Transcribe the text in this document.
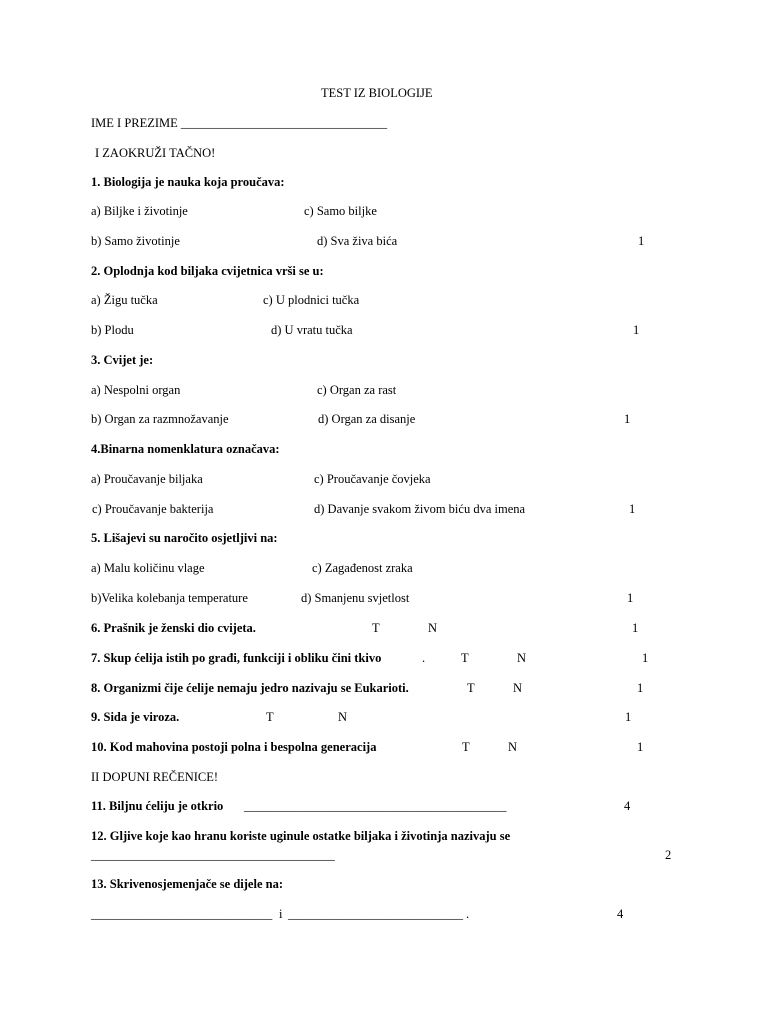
TEST IZ BIOLOGIJE
IME I PREZIME _________________________________
I ZAOKRUŽI TAČNO!
1. Biologija je nauka koja proučava:
a) Biljke i životinje	c) Samo biljke
b) Samo životinje	d) Sva živa bića	1
2. Oplodnja kod biljaka cvijetnica vrši se u:
a) Žigu tučka	c) U plodnici tučka
b) Plodu	d) U vratu tučka	1
3. Cvijet je:
a) Nespolni organ	c) Organ za rast
b) Organ za razmnožavanje	d) Organ za disanje	1
4.Binarna nomenklatura označava:
a) Proučavanje biljaka	c) Proučavanje čovjeka
c) Proučavanje bakterija	d) Davanje svakom živom biću dva imena	1
5. Lišajevi su naročito osjetljivi na:
a) Malu količinu vlage	c) Zagađenost zraka
b)Velika kolebanja temperature	d) Smanjenu svjetlost	1
6. Prašnik je ženski dio cvijeta.	T	N	1
7. Skup ćelija istih po građi, funkciji i obliku čini tkivo	.	T	N	1
8. Organizmi čije ćelije nemaju jedro nazivaju se Eukarioti.	T	N	1
9. Sida je viroza.	T	N	1
10. Kod mahovina postoji polna i bespolna generacija	T	N	1
II DOPUNI REČENICE!
11. Biljnu ćeliju je otkrio __________________________________________	4
12. Gljive koje kao hranu koriste uginule ostatke biljaka i životinja nazivaju se
_______________________________________	2
13. Skrivenosjemenjače se dijele na:
_____________________________ i ____________________________ .	4
